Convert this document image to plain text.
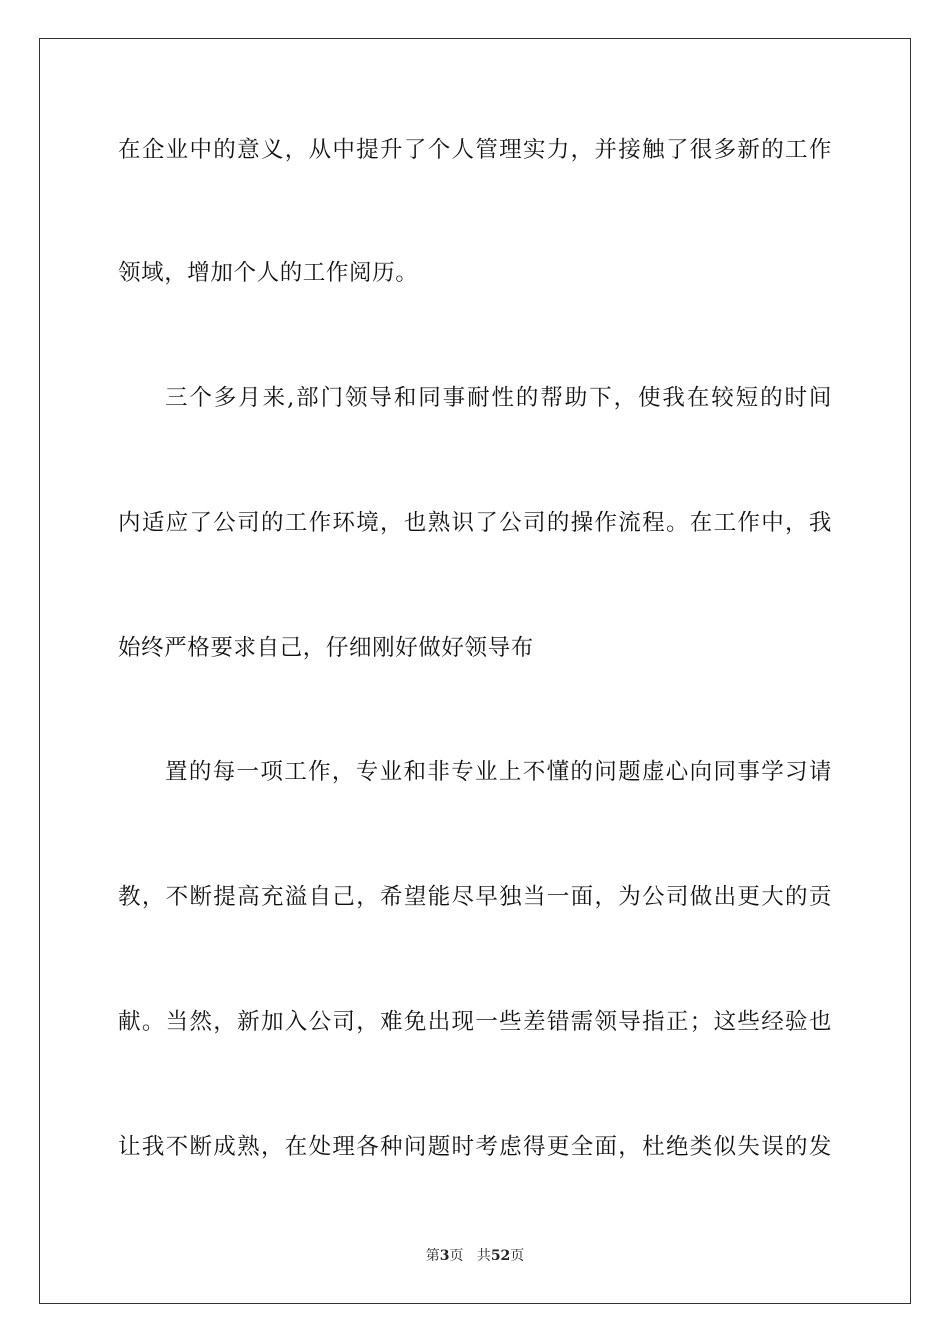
在企业中的意义，从中提升了个人管理实力，并接触了很多新的工作
领域，增加个人的工作阅历。
三个多月来,部门领导和同事耐性的帮助下，使我在较短的时间
内适应了公司的工作环境，也熟识了公司的操作流程。在工作中，我
始终严格要求自己，仔细刚好做好领导布
置的每一项工作，专业和非专业上不懂的问题虚心向同事学习请
教，不断提高充溢自己，希望能尽早独当一面，为公司做出更大的贡
献。当然，新加入公司，难免出现一些差错需领导指正；这些经验也
让我不断成熟，在处理各种问题时考虑得更全面，杜绝类似失误的发
第3页 共52页
